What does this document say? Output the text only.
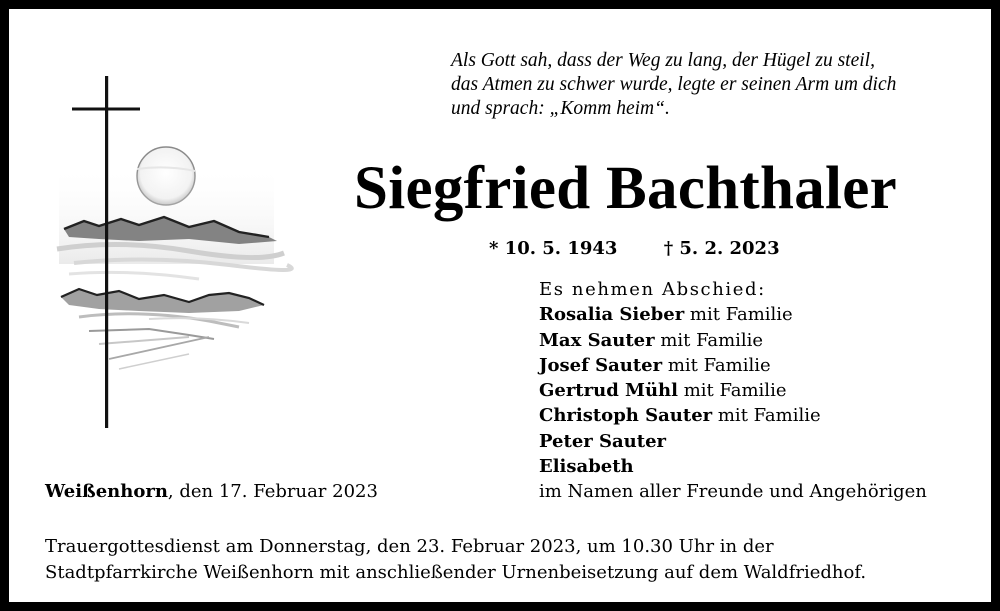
Als Gott sah, dass der Weg zu lang, der Hügel zu steil,
das Atmen zu schwer wurde, legte er seinen Arm um dich
und sprach: „Komm heim“.
Siegfried Bachthaler
* 10. 5. 1943	† 5. 2. 2023
Es nehmen Abschied:
Rosalia Sieber mit Familie
Max Sauter mit Familie
Josef Sauter mit Familie
Gertrud Mühl mit Familie
Christoph Sauter mit Familie
Peter Sauter
Elisabeth
im Namen aller Freunde und Angehörigen
Weißenhorn, den 17. Februar 2023
Trauergottesdienst am Donnerstag, den 23. Februar 2023, um 10.30 Uhr in der
Stadtpfarrkirche Weißenhorn mit anschließender Urnenbeisetzung auf dem Waldfriedhof.
